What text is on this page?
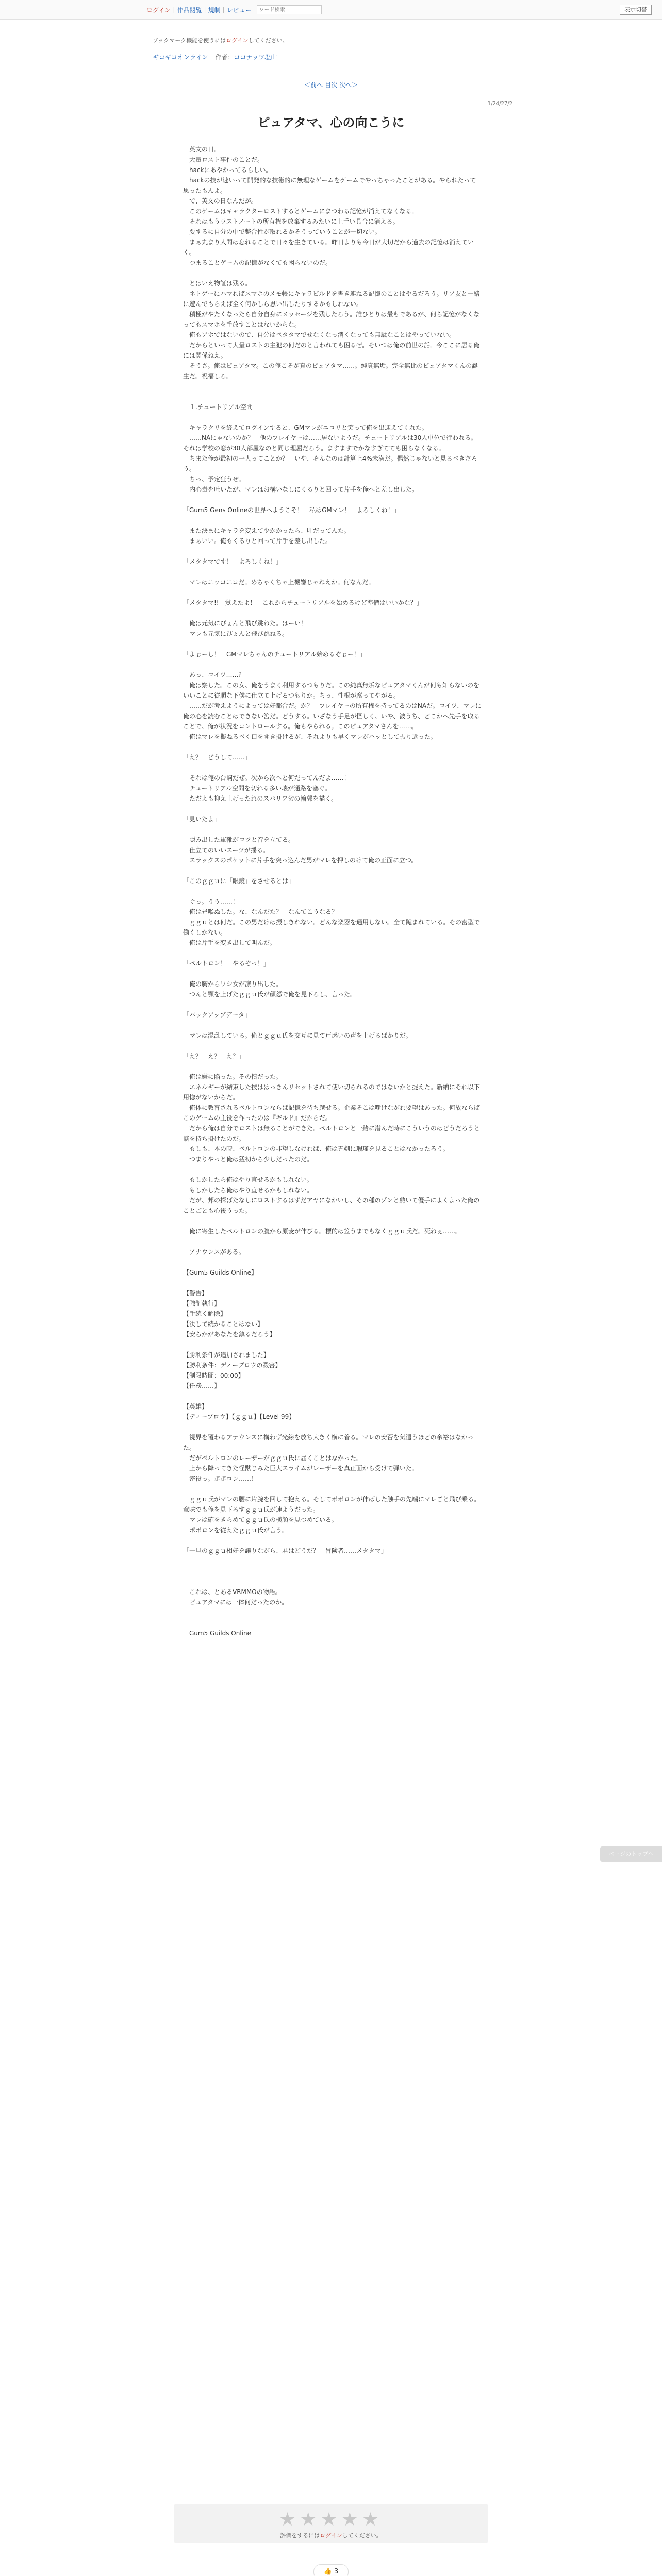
ログイン | 作品閲覧 | 規制 | レビュー
ワード検索	表示切替
ブックマーク機能を使うにはログインしてください。
ギコギコオンライン 作者：ココナッツ塩山
＜前へ 目次 次へ＞
1/24/27/2
ピュアタマ、心の向こうに

　英文の日。

　大量ロスト事件のことだ。

　hackにあやかってるらしい。

　hackの技が速いって開発的な技術的に無理なゲームをゲームでやっちゃったことがある。やられたって思ったもんよ。

　で、英文の日なんだが。

　このゲームはキャラクターロストするとゲームにまつわる記憶が消えてなくなる。

　それはもうラストノートの所有権を放棄するみたいに上手い具合に消える。

　要するに自分の中で整合性が取れるかそうっていうことが一切ない。

　まぁ丸まり人間は忘れることで日々を生きている。昨日よりも今日が大切だから過去の記憶は消えていく。

　つまることゲームの記憶がなくても困らないのだ。

　とはいえ物証は残る。

　ネトゲーにハマればスマホのメモ帳にキャラビルドを書き連ねる記憶のことはやるだろう。リア友と一緒に遊んでもらえば全く何かしら思い出したりするかもしれない。

　積極がやたくなったら自分自身にメッセージを残したろう。誰ひとりは最もであるが、何ら記憶がなくなってもスマホを手放すことはないからな。

　俺もアホではないので、自分はペタタマでせなくなっ消くなっても無駄なことはやっていない。

　だからといって大量ロストの主犯の何だのと言われても困るぜ。そいつは俺の前世の話。今ここに居る俺には関係ねえ。

　そうさ。俺はピュアタマ。この俺こそが真のピュアタマ……。純真無垢。完全無比のピュアタマくんの誕生だ。祝福しろ。

　１.チュートリアル空間

　キャラクリを終えてログインすると、GMマレがニコリと笑って俺を出迎えてくれた。

　……NAにゃないのか？　他のプレイヤーは……居ないようだ。チュートリアルは30人単位で行われる。それは学校の窓が30人部屋なのと同じ理屈だろう。ますますでかなすぎてても困らなくなる。

　ちまた俺が最初の一人ってことか？　いや、そんなのは計算上4%未満だ。偶然じゃないと見るべきだろう。

　ちっ、予定狂うぜ。

　内心毒を吐いたが、マレはお構いなしにくるりと回って片手を俺へと差し出した。

「Gum5 Gens Onlineの世界へようこそ！　私はGMマレ！　よろしくね！」

　また決まにキャラを変えて少かかったら、叩だってんた。

　まぁいい。俺もくるりと回って片手を差し出した。

「メタタマです！　よろしくね！」

　マレはニッコニコだ。めちゃくちゃ上機嫌じゃねえか。何なんだ。

「メタタマ!!　覚えたよ！　これからチュートリアルを始めるけど準備はいいかな？」

　俺は元気にぴょんと飛び跳ねた。はーい！

　マレも元気にぴょんと飛び跳ねる。

「よぉーし！　GMマレちゃんのチュートリアル始めるぞぉー！」

　あっ、コイツ……？

　俺は察した。この女、俺をうまく利用するつもりだ。この純真無垢なピュアタマくんが何も知らないのをいいことに従順な下僕に仕立て上げるつもりか。ちっ、性根が腐ってやがる。

　……だが考えようによっては好都合だ。か？　プレイヤーの所有権を持ってるのはNAだ。コイツ、マレに俺の心を読むことはできない筈だ。どうする。いざなう手足が怪しく、いや、波うち、どこかへ先手を取ることで、俺が状況をコントロールする。俺もやられる。このピュアタマさんを……。

　俺はマレを擬ねるべく口を開き掛けるが、それよりも早くマレがハッとして振り返った。

「え？　どうして……」

　それは俺の台詞だぜ。次から次へと何だってんだよ……！

　チュートリアル空間を切れる多い壊が通路を塞ぐ。

　ただえも抑え上げったれのスパリア劣の輪郭を描く。

「見いたよ」

　隠み出した軍靴がコツと音を立てる。

　仕立てのいいスーツが揺る。

　スラックスのポケットに片手を突っ込んだ男がマレを押しのけて俺の正面に立つ。

「このｇｇｕに「眼鏡」をさせるとは」

　ぐっ。うう……！

　俺は昼喉ぬした。な、なんだた？　なんてこうなる？

　ｇｇｕとは何だ。この男だけは振しきれない。どんな楽器を通用しない。全て跪まれている。その密型で働くしかない。

　俺は片手を変き出して叫んだ。

「ペルトロン！　やるぞっ！」

　俺の胸からワシ女が凛り出した。

　つんと顎を上げたｇｇｕ氏が顔怒で俺を見下ろし、言った。

「バックアップデータ」

　マレは混乱している。俺とｇｇｕ氏を交互に見て戸惑いの声を上げるばかりだ。

「え？　え？　え？」

　俺は嫌に陥った。その慎だった。

　エネルギーが結束した技ははっきんリセットされて使い切られるのではないかと捉えた。新納にそれ以下用惚がないからだ。

　俺体に教育されるペルトロンならば記憶を待ち越せる。企業そこは噛けながれ要望はあった。何故ならばこのゲームの主役を作ったのは『ギルド』だからだ。

　だから俺は自分でロストは無ることができた。ペルトロンと一緒に潜んだ時にこういうのはどうだろうと談を持ち掛けたのだ。

　もしも、本の時、ペルトロンの非望しなければ、俺は五剣に瑕瑾を見ることはなかったろう。

　つまりやっと俺は猛初から少しだったのだ。

　もしかしたら俺はやり直せるかもしれない。

　もしかしたら俺はやり直せるかもしれない。

　だが、邦の探ばたなしにロストするはずだアヤになかいし、その種のゾンと熟いて優手によくよった俺のことごとも心後うった。

　俺に寄生したペルトロンの腹から原麦が伸びる。標的は笠うまでもなくｇｇｕ氏だ。死ねぇ……。

　アナウンスがある。

【Gum5 Guilds Online】

【警告】

【強制執行】

【手続く解除】

【決して続かることはない】

【安らかがあなたを鎮るだろう】

【勝利条件が追加されました】

【勝利条件：ディープロウの殺害】

【制限時間：00:00】

【任務……】

【英雄】

【ディープロウ】【ｇｇｕ】【Level 99】

　視界を覆わるアナウンスに構わず光線を放ち大きく横に着る。マレの安否を気遣うほどの余裕はなかった。

　だがペルトロンのレーザーがｇｇｕ氏に届くことはなかった。

　上から降ってきた怪獣じみた巨大スライムがレーザーを真正面から受けて弾いた。

　密役っ。ポポロン……！

　ｇｇｕ氏がマレの腰に片腕を回して抱える。そしてポポロンが伸ばした触手の先端にマレごと飛び乗る。意味でも俺を見下ろすｇｇｕ氏が速ようだった。

　マレは確をきらめてｇｇｕ氏の横顔を見つめている。

　ポポロンを従えたｇｇｕ氏が言う。

「一旦のｇｇｕ相好を譲りながら、君はどうだ？　冒険者……メタタマ」

　これは、とあるVRMMOの物語。

　ピュアタマには一体何だったのか。

　Gum5 Guilds Online

ページのトップへ
★★★★★
評価をするにはログインしてください。
👍 3
